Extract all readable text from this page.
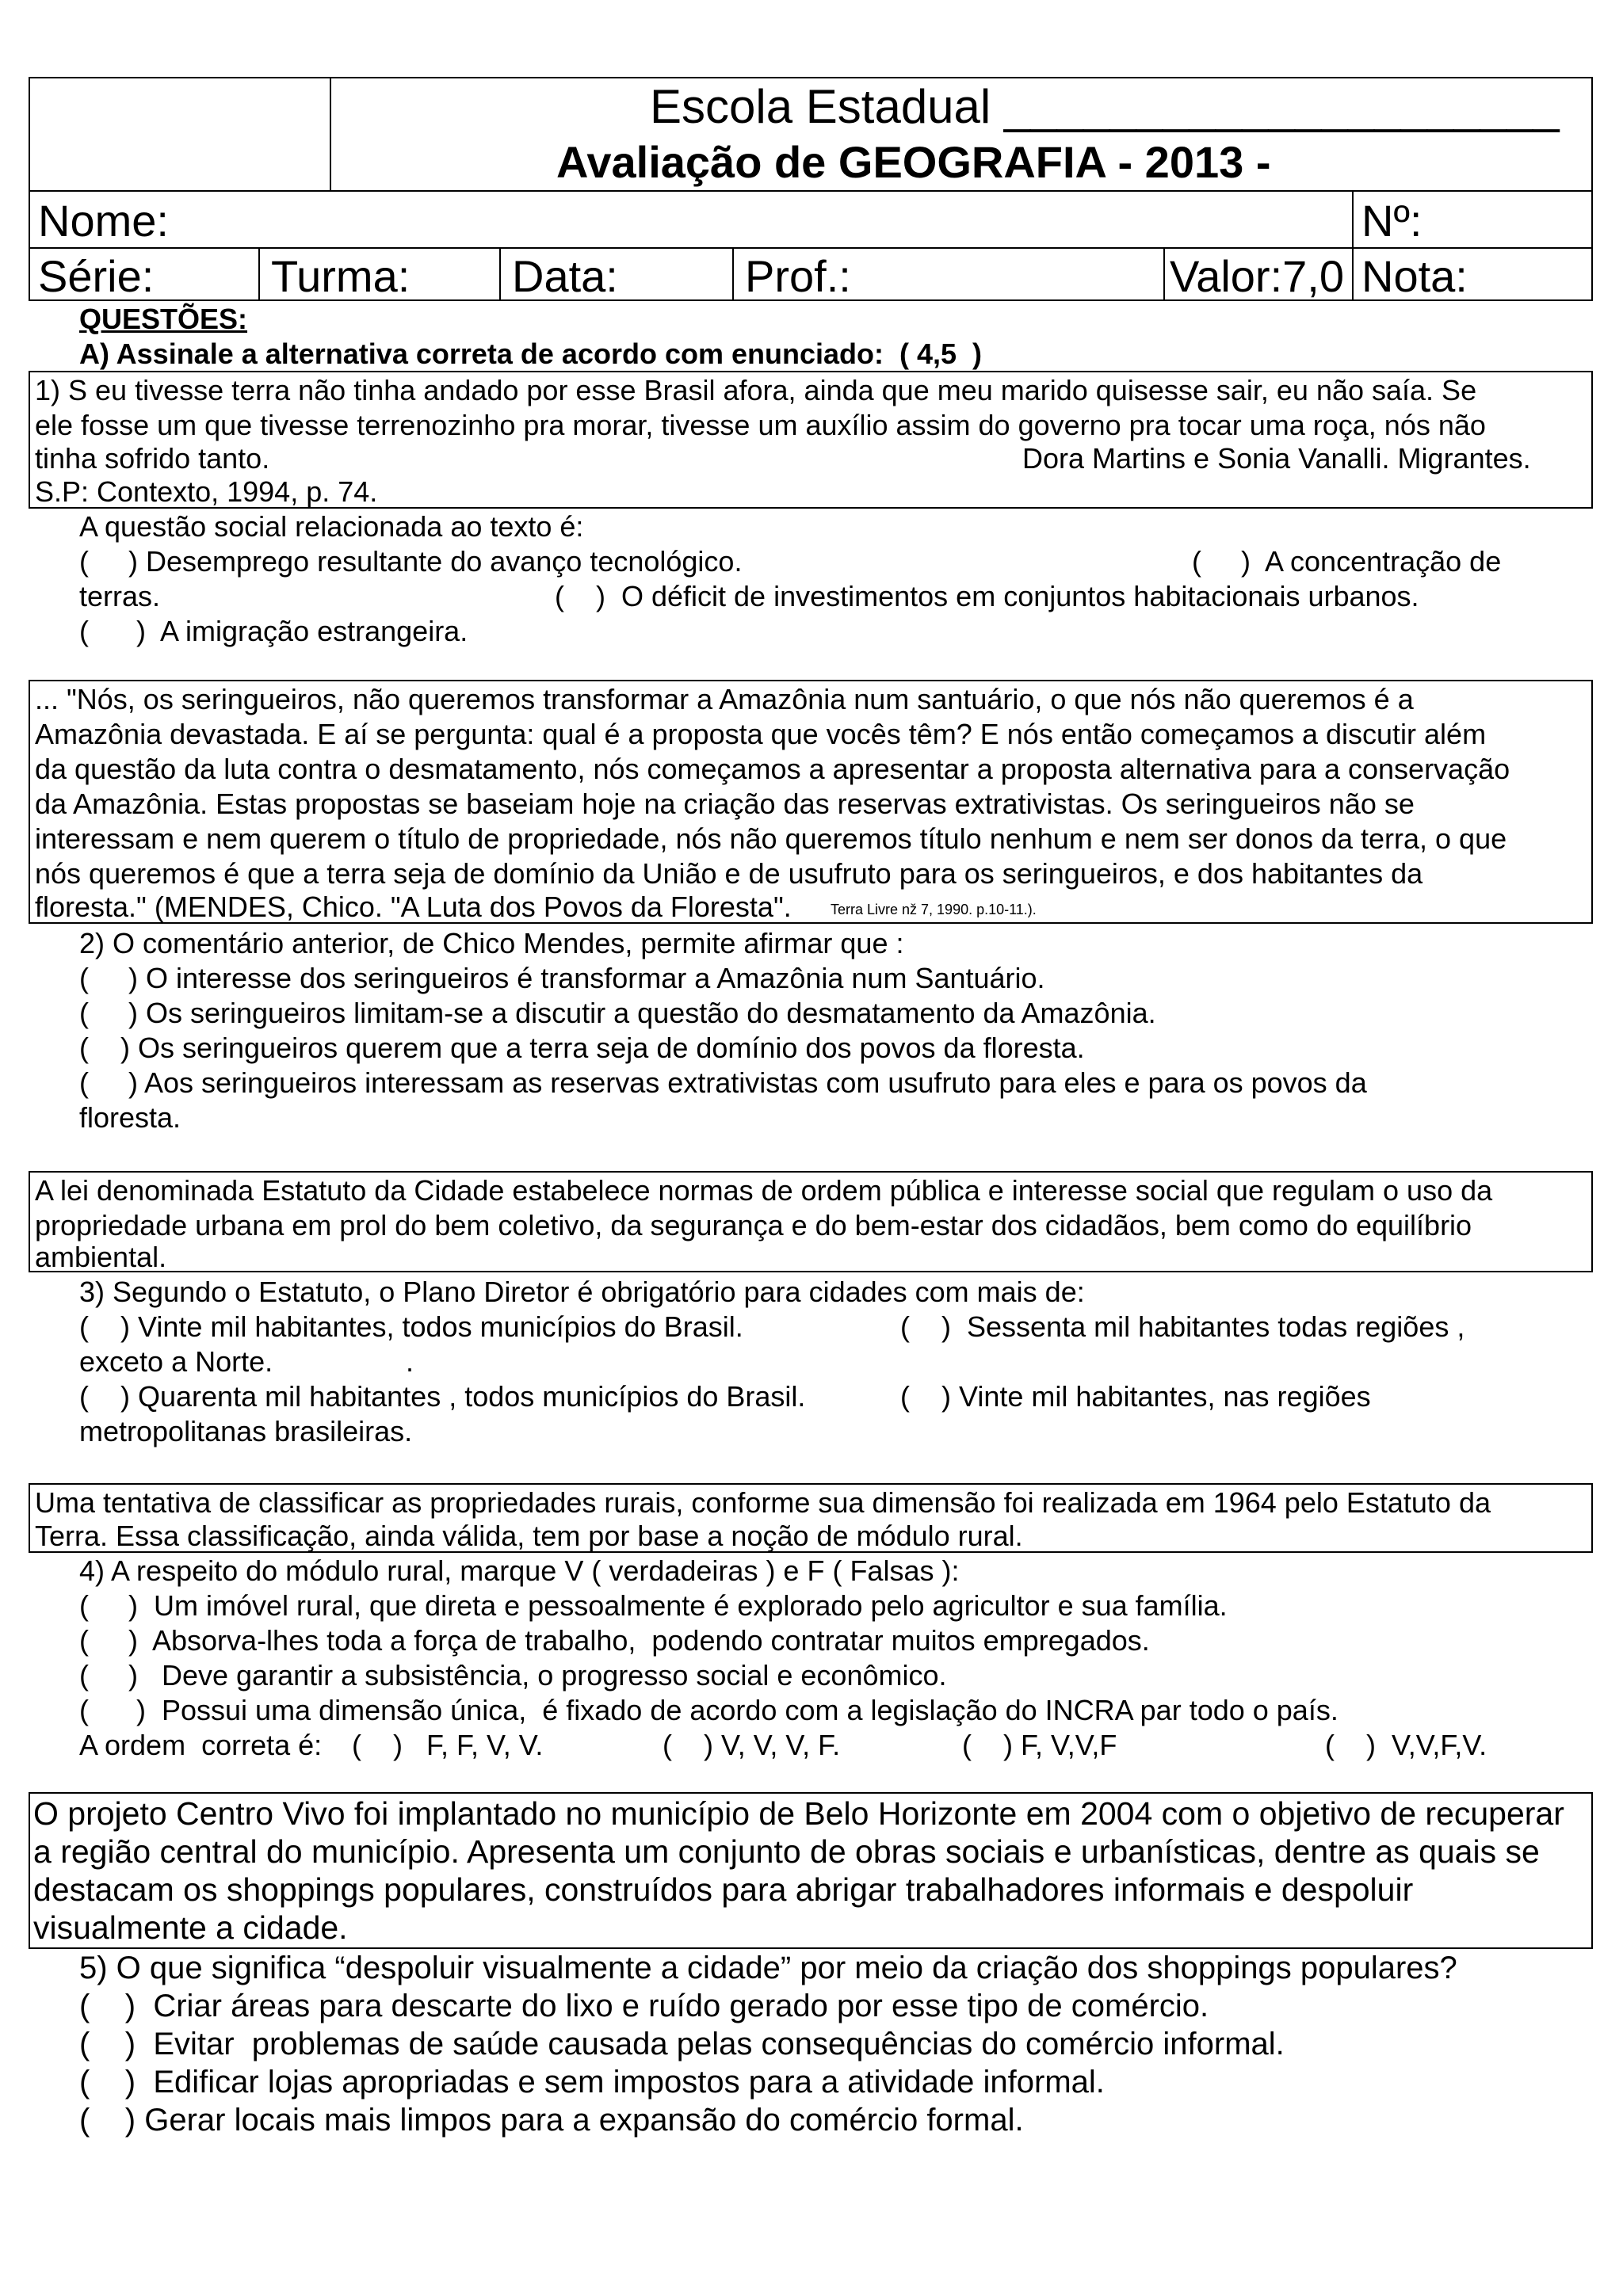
Escola Estadual _____________________
Avaliação de GEOGRAFIA - 2013 -
Nome:	Nº:
Série:	Turma: Data:	Prof.:	Valor:7,0 Nota:
QUESTÕES:
A) Assinale a alternativa correta de acordo com enunciado:  ( 4,5  )
1) S eu tivesse terra não tinha andado por esse Brasil afora, ainda que meu marido quisesse sair, eu não saía. Se
ele fosse um que tivesse terrenozinho pra morar, tivesse um auxílio assim do governo pra tocar uma roça, nós não
tinha sofrido tanto.	Dora Martins e Sonia Vanalli. Migrantes.
S.P: Contexto, 1994, p. 74.
A questão social relacionada ao texto é:
(     ) Desemprego resultante do avanço tecnológico.	(     )  A concentração de
terras.	(    )  O déficit de investimentos em conjuntos habitacionais urbanos.
(      )  A imigração estrangeira.
... "Nós, os seringueiros, não queremos transformar a Amazônia num santuário, o que nós não queremos é a
Amazônia devastada. E aí se pergunta: qual é a proposta que vocês têm? E nós então começamos a discutir além
da questão da luta contra o desmatamento, nós começamos a apresentar a proposta alternativa para a conservação
da Amazônia. Estas propostas se baseiam hoje na criação das reservas extrativistas. Os seringueiros não se
interessam e nem querem o título de propriedade, nós não queremos título nenhum e nem ser donos da terra, o que
nós queremos é que a terra seja de domínio da União e de usufruto para os seringueiros, e dos habitantes da
floresta." (MENDES, Chico. "A Luta dos Povos da Floresta".	Terra Livre nž 7, 1990. p.10-11.).
2) O comentário anterior, de Chico Mendes, permite afirmar que :
(     ) O interesse dos seringueiros é transformar a Amazônia num Santuário.
(     ) Os seringueiros limitam-se a discutir a questão do desmatamento da Amazônia.
(    ) Os seringueiros querem que a terra seja de domínio dos povos da floresta.
(     ) Aos seringueiros interessam as reservas extrativistas com usufruto para eles e para os povos da
floresta.
A lei denominada Estatuto da Cidade estabelece normas de ordem pública e interesse social que regulam o uso da
propriedade urbana em prol do bem coletivo, da segurança e do bem-estar dos cidadãos, bem como do equilíbrio
ambiental.
3) Segundo o Estatuto, o Plano Diretor é obrigatório para cidades com mais de:
(    ) Vinte mil habitantes, todos municípios do Brasil.	(    )  Sessenta mil habitantes todas regiões ,
exceto a Norte.	.
(    ) Quarenta mil habitantes , todos municípios do Brasil.	(    ) Vinte mil habitantes, nas regiões
metropolitanas brasileiras.
Uma tentativa de classificar as propriedades rurais, conforme sua dimensão foi realizada em 1964 pelo Estatuto da
Terra. Essa classificação, ainda válida, tem por base a noção de módulo rural.
4) A respeito do módulo rural, marque V ( verdadeiras ) e F ( Falsas ):
(     )  Um imóvel rural, que direta e pessoalmente é explorado pelo agricultor e sua família.
(     )  Absorva-lhes toda a força de trabalho,  podendo contratar muitos empregados.
(     )   Deve garantir a subsistência, o progresso social e econômico.
(      )  Possui uma dimensão única,  é fixado de acordo com a legislação do INCRA par todo o país.
A ordem  correta é: (    )   F, F, V, V.	(    ) V, V, V, F.	(    ) F, V,V,F	(    )  V,V,F,V.
O projeto Centro Vivo foi implantado no município de Belo Horizonte em 2004 com o objetivo de recuperar
a região central do município. Apresenta um conjunto de obras sociais e urbanísticas, dentre as quais se
destacam os shoppings populares, construídos para abrigar trabalhadores informais e despoluir
visualmente a cidade.
5) O que significa “despoluir visualmente a cidade” por meio da criação dos shoppings populares?
(    )  Criar áreas para descarte do lixo e ruído gerado por esse tipo de comércio.
(    )  Evitar  problemas de saúde causada pelas consequências do comércio informal.
(    )  Edificar lojas apropriadas e sem impostos para a atividade informal.
(    ) Gerar locais mais limpos para a expansão do comércio formal.
